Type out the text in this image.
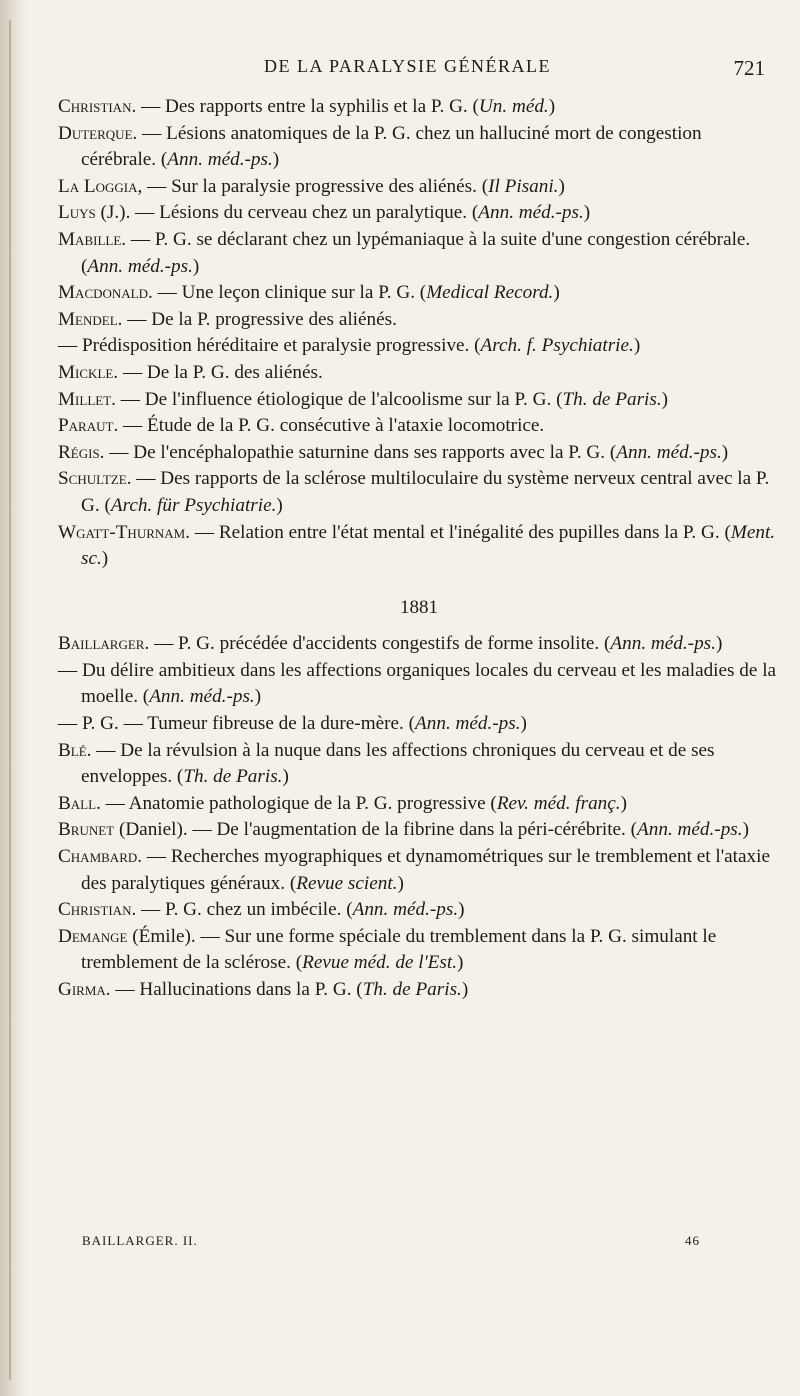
DE LA PARALYSIE GÉNÉRALE	721

Christian. — Des rapports entre la syphilis et la P. G. (Un. méd.)

Duterque. — Lésions anatomiques de la P. G. chez un halluciné mort de congestion cérébrale. (Ann. méd.-ps.)

La Loggia, — Sur la paralysie progressive des aliénés. (Il Pisani.)

Luys (J.). — Lésions du cerveau chez un paralytique. (Ann. méd.-ps.)

Mabille. — P. G. se déclarant chez un lypémaniaque à la suite d'une congestion cérébrale. (Ann. méd.-ps.)

Macdonald. — Une leçon clinique sur la P. G. (Medical Record.)

Mendel. — De la P. progressive des aliénés.

— Prédisposition héréditaire et paralysie progressive. (Arch. f. Psychiatrie.)

Mickle. — De la P. G. des aliénés.

Millet. — De l'influence étiologique de l'alcoolisme sur la P. G. (Th. de Paris.)

Paraut. — Étude de la P. G. consécutive à l'ataxie locomotrice.

Régis. — De l'encéphalopathie saturnine dans ses rapports avec la P. G. (Ann. méd.-ps.)

Schultze. — Des rapports de la sclérose multiloculaire du système nerveux central avec la P. G. (Arch. für Psychiatrie.)

Wgatt-Thurnam. — Relation entre l'état mental et l'inégalité des pupilles dans la P. G. (Ment. sc.)

1881

Baillarger. — P. G. précédée d'accidents congestifs de forme insolite. (Ann. méd.-ps.)

— Du délire ambitieux dans les affections organiques locales du cerveau et les maladies de la moelle. (Ann. méd.-ps.)

— P. G. — Tumeur fibreuse de la dure-mère. (Ann. méd.-ps.)

Blé. — De la révulsion à la nuque dans les affections chroniques du cerveau et de ses enveloppes. (Th. de Paris.)

Ball. — Anatomie pathologique de la P. G. progressive (Rev. méd. franç.)

Brunet (Daniel). — De l'augmentation de la fibrine dans la péri-cérébrite. (Ann. méd.-ps.)

Chambard. — Recherches myographiques et dynamométriques sur le tremblement et l'ataxie des paralytiques généraux. (Revue scient.)

Christian. — P. G. chez un imbécile. (Ann. méd.-ps.)

Demange (Émile). — Sur une forme spéciale du tremblement dans la P. G. simulant le tremblement de la sclérose. (Revue méd. de l'Est.)

Girma. — Hallucinations dans la P. G. (Th. de Paris.)

BAILLARGER. II.	46
